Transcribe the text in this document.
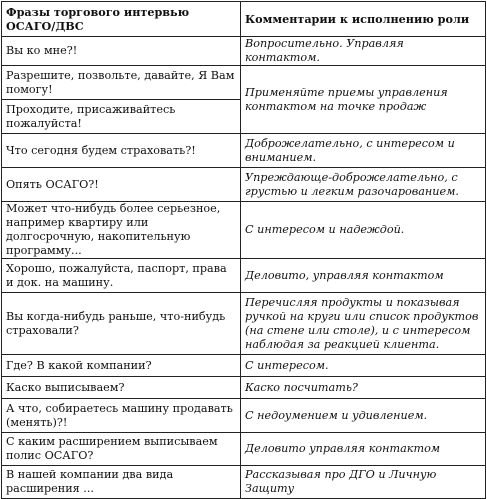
Фразы торгового интервью ОСАГО/ДВС	Комментарии к исполнению роли
Вы ко мне?!	Вопросительно. Управляя контактом.
Разрешите, позвольте, давайте, Я Вам помогу!	Применяйте приемы управления контактом на точке продаж
Проходите, присаживайтесь пожалуйста!	
Что сегодня будем страховать?!	Доброжелательно, с интересом и вниманием.
Опять ОСАГО?!	Упреждающе-доброжелательно, с грустью и легким разочарованием.
Может что-нибудь более серьезное, например квартиру или долгосрочную, накопительную программу...	С интересом и надеждой.
Хорошо, пожалуйста, паспорт, права и док. на машину.	Деловито, управляя контактом
Вы когда-нибудь раньше, что-нибудь страховали?	Перечисляя продукты и показывая ручкой на круги или список продуктов (на стене или столе), и с интересом наблюдая за реакцией клиента.
Где? В какой компании?	С интересом.
Каско выписываем?	Каско посчитать?
А что, собираетесь машину продавать (менять)?!	С недоумением и удивлением.
С каким расширением выписываем полис ОСАГО?	Деловито управляя контактом
В нашей компании два вида расширения ...	Рассказывая про ДГО и Личную Защиту
